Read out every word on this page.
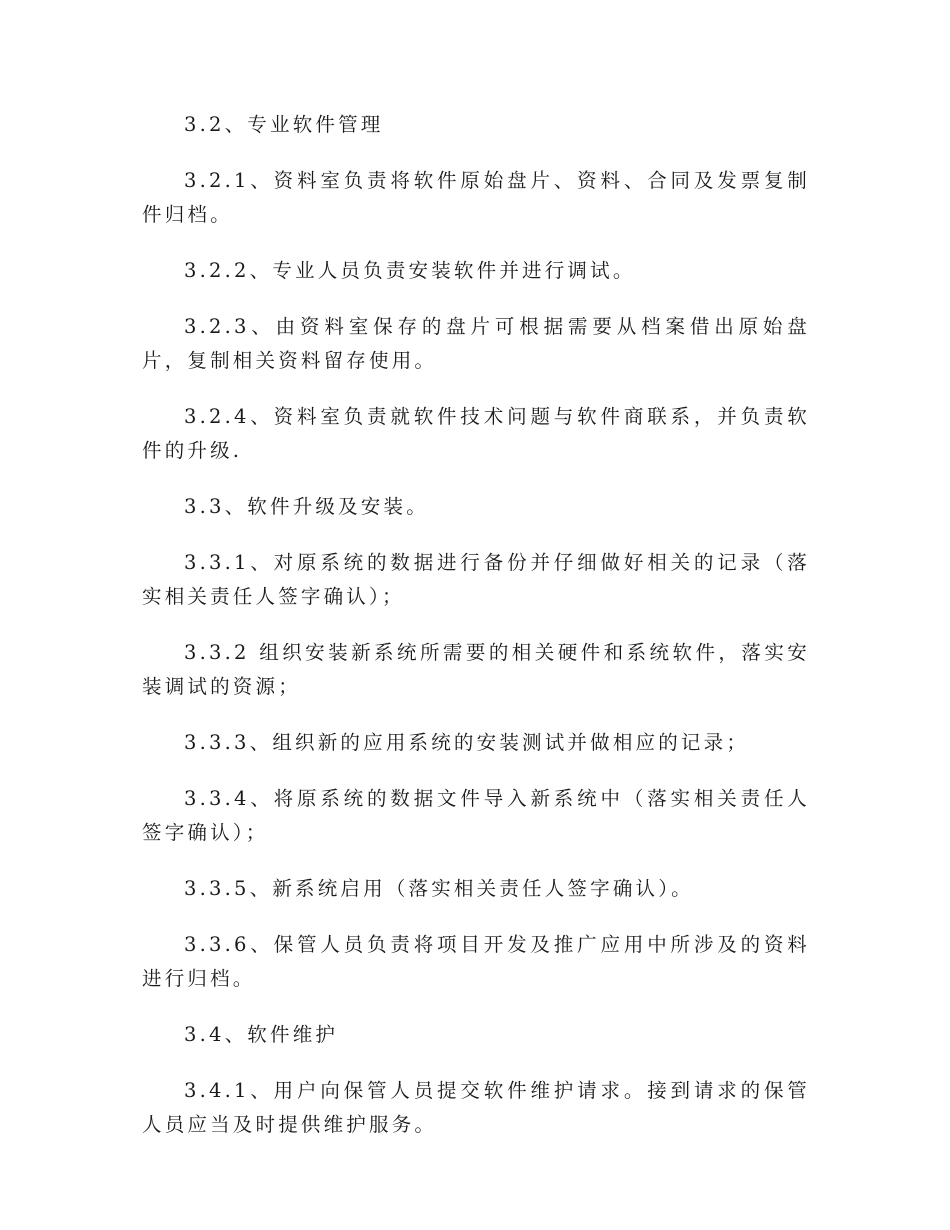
3.2、专业软件管理

3.2.1、资料室负责将软件原始盘片、资料、合同及发票复制件归档。

3.2.2、专业人员负责安装软件并进行调试。

3.2.3、由资料室保存的盘片可根据需要从档案借出原始盘片，复制相关资料留存使用。

3.2.4、资料室负责就软件技术问题与软件商联系，并负责软件的升级.

3.3、软件升级及安装。

3.3.1、对原系统的数据进行备份并仔细做好相关的记录（落实相关责任人签字确认）；

3.3.2 组织安装新系统所需要的相关硬件和系统软件，落实安装调试的资源；

3.3.3、组织新的应用系统的安装测试并做相应的记录；

3.3.4、将原系统的数据文件导入新系统中（落实相关责任人签字确认）；

3.3.5、新系统启用（落实相关责任人签字确认）。

3.3.6、保管人员负责将项目开发及推广应用中所涉及的资料进行归档。

3.4、软件维护

3.4.1、用户向保管人员提交软件维护请求。接到请求的保管人员应当及时提供维护服务。
